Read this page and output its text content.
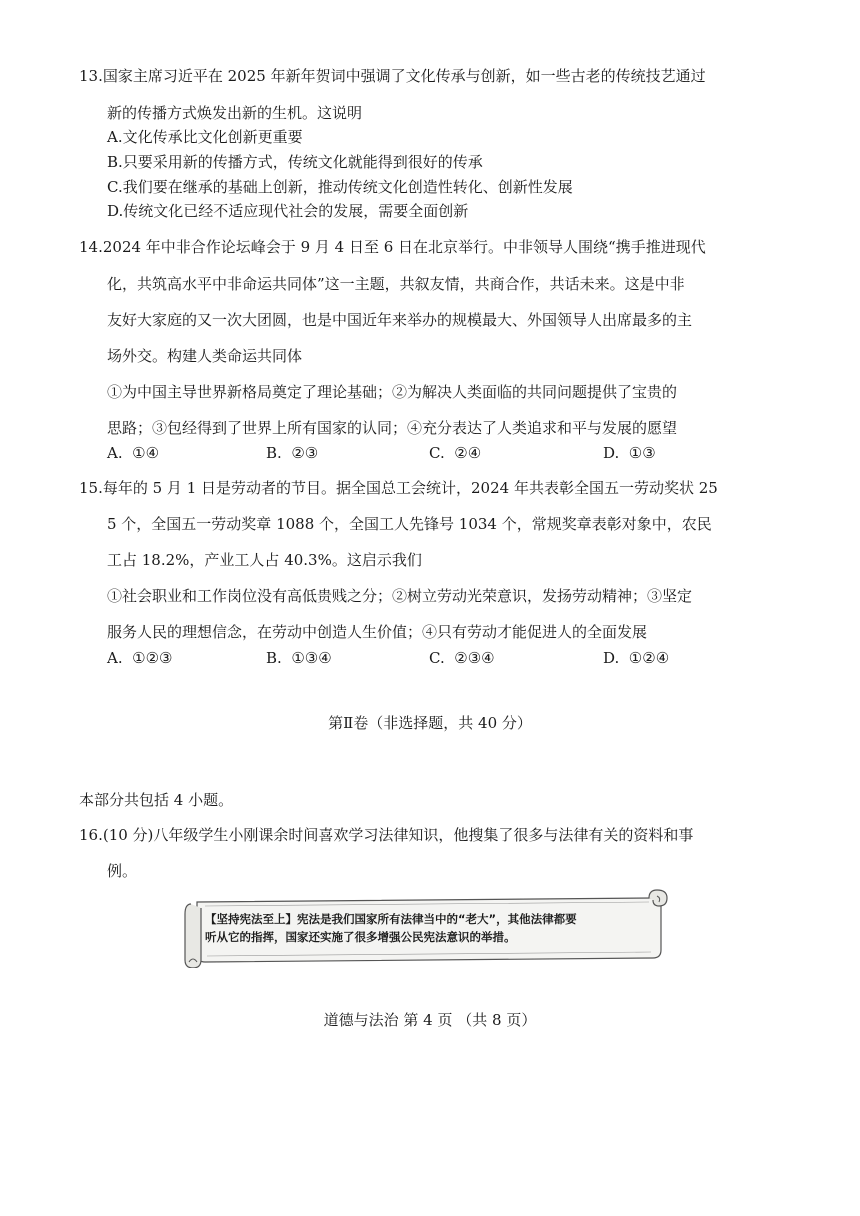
13.国家主席习近平在 2025 年新年贺词中强调了文化传承与创新，如一些古老的传统技艺通过
新的传播方式焕发出新的生机。这说明
A.文化传承比文化创新更重要
B.只要采用新的传播方式，传统文化就能得到很好的传承
C.我们要在继承的基础上创新，推动传统文化创造性转化、创新性发展
D.传统文化已经不适应现代社会的发展，需要全面创新
14.2024 年中非合作论坛峰会于 9 月 4 日至 6 日在北京举行。中非领导人围绕“携手推进现代
化，共筑高水平中非命运共同体”这一主题，共叙友情，共商合作，共话未来。这是中非
友好大家庭的又一次大团圆，也是中国近年来举办的规模最大、外国领导人出席最多的主
场外交。构建人类命运共同体
①为中国主导世界新格局奠定了理论基础；②为解决人类面临的共同问题提供了宝贵的
思路；③包经得到了世界上所有国家的认同；④充分表达了人类追求和平与发展的愿望
A.  ①④	B.  ②③	C.  ②④	D.  ①③
15.每年的 5 月 1 日是劳动者的节目。据全国总工会统计，2024 年共表彰全国五一劳动奖状 25
5 个，全国五一劳动奖章 1088 个，全国工人先锋号 1034 个，常规奖章表彰对象中，农民
工占 18.2%，产业工人占 40.3%。这启示我们
①社会职业和工作岗位没有高低贵贱之分；②树立劳动光荣意识，发扬劳动精神；③坚定
服务人民的理想信念，在劳动中创造人生价值；④只有劳动才能促进人的全面发展
A.  ①②③	B.  ①③④	C.  ②③④	D.  ①②④
第Ⅱ卷（非选择题，共 40 分）
本部分共包括 4 小题。
16.(10 分)八年级学生小刚课余时间喜欢学习法律知识，他搜集了很多与法律有关的资料和事
例。
【坚持宪法至上】宪法是我们国家所有法律当中的“老大”，其他法律都要
听从它的指挥，国家还实施了很多增强公民宪法意识的举措。
道德与法治 第 4 页 （共 8 页）
